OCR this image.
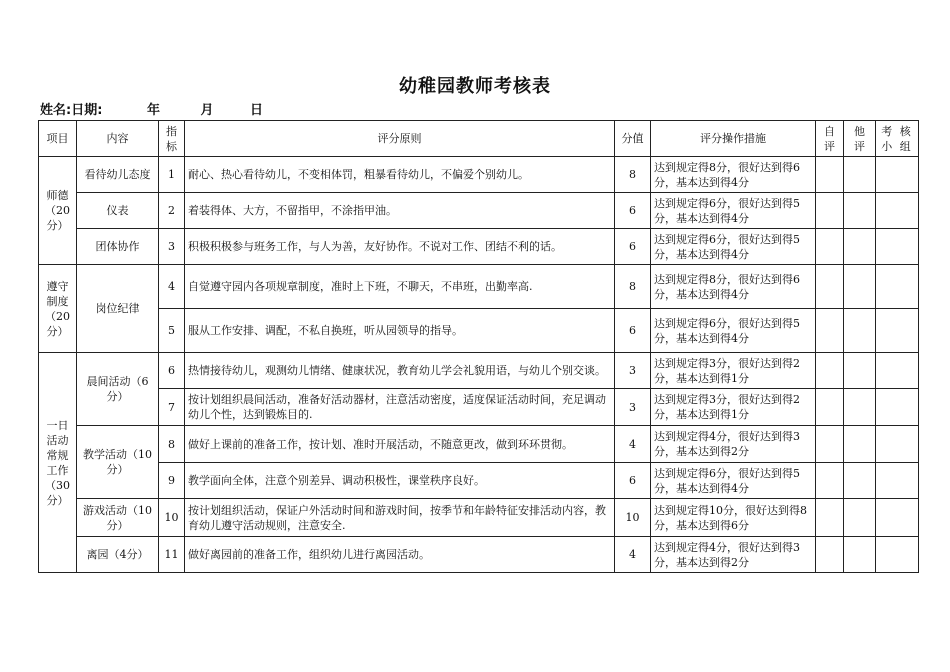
幼稚园教师考核表
姓名:日期:	年	月	日
项目	内容	指标	评分原则	分值	评分操作措施	自评	他评	考 核 小 组
师德（20分）	看待幼儿态度	1	耐心、热心看待幼儿，不变相体罚，粗暴看待幼儿，不偏爱个别幼儿。	8	达到规定得8分，很好达到得6分，基本达到得4分			
	仪表	2	着装得体、大方，不留指甲，不涂指甲油。	6	达到规定得6分，很好达到得5分，基本达到得4分			
	团体协作	3	积极积极参与班务工作，与人为善，友好协作。不说对工作、团结不利的话。	6	达到规定得6分，很好达到得5分，基本达到得4分			
遵守制度（20分）	岗位纪律	4	自觉遵守园内各项规章制度，准时上下班，不聊天，不串班，出勤率高.	8	达到规定得8分，很好达到得6分，基本达到得4分			
		5	服从工作安排、调配，不私自换班，听从园领导的指导。	6	达到规定得6分，很好达到得5分，基本达到得4分			
一日活动常规工作（30分）	晨间活动（6分）	6	热情接待幼儿，观测幼儿情绪、健康状况，教育幼儿学会礼貌用语，与幼儿个别交谈。	3	达到规定得3分，很好达到得2分，基本达到得1分			
		7	按计划组织晨间活动，准备好活动器材，注意活动密度，适度保证活动时间，充足调动幼儿个性，达到锻炼目的.	3	达到规定得3分，很好达到得2分，基本达到得1分			
	教学活动（10分）	8	做好上课前的准备工作，按计划、准时开展活动，不随意更改，做到环环贯彻。	4	达到规定得4分，很好达到得3分，基本达到得2分			
		9	教学面向全体，注意个别差异、调动积极性，课堂秩序良好。	6	达到规定得6分，很好达到得5分，基本达到得4分			
	游戏活动（10分）	10	按计划组织活动，保证户外活动时间和游戏时间，按季节和年龄特征安排活动内容，教育幼儿遵守活动规则，注意安全.	10	达到规定得10分，很好达到得8分，基本达到得6分			
	离园（4分）	11	做好离园前的准备工作，组织幼儿进行离园活动。	4	达到规定得4分，很好达到得3分，基本达到得2分			
